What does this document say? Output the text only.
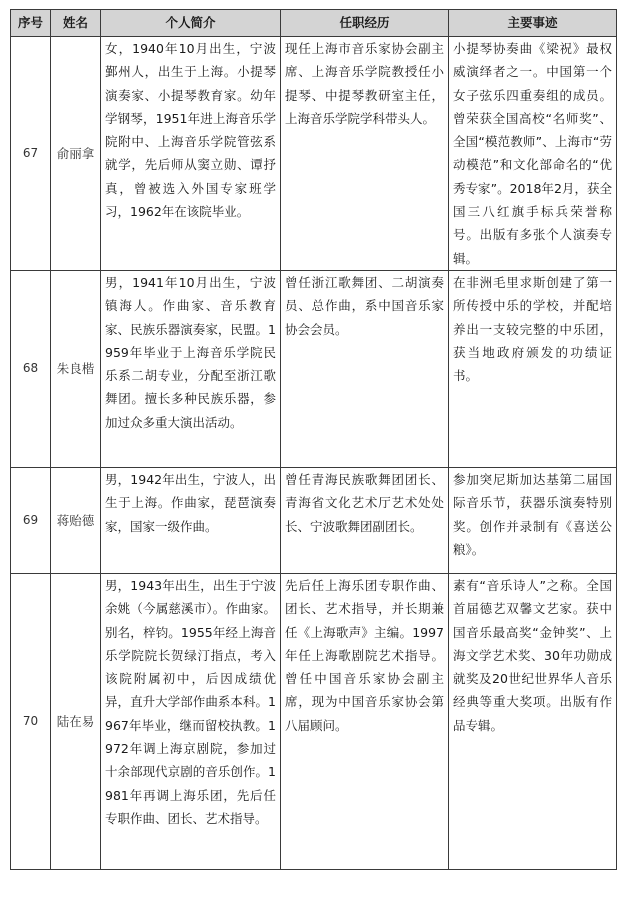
序号	姓名	个人简介	任职经历	主要事迹
67	俞丽拿	女，1940年10月出生，宁波鄞州人，出生于上海。小提琴演奏家、小提琴教育家。幼年学钢琴，1951年进上海音乐学院附中、上海音乐学院管弦系就学，先后师从窦立勋、谭抒真，曾被选入外国专家班学习，1962年在该院毕业。	现任上海市音乐家协会副主席、上海音乐学院教授任小提琴、中提琴教研室主任，上海音乐学院学科带头人。	小提琴协奏曲《梁祝》最权威演绎者之一。中国第一个女子弦乐四重奏组的成员。曾荣获全国高校“名师奖”、全国“模范教师”、上海市“劳动模范”和文化部命名的“优秀专家”。2018年2月，获全国三八红旗手标兵荣誉称号。出版有多张个人演奏专辑。
68	朱良楷	男，1941年10月出生，宁波镇海人。作曲家、音乐教育家、民族乐器演奏家，民盟。1959年毕业于上海音乐学院民乐系二胡专业，分配至浙江歌舞团。擅长多种民族乐器，参加过众多重大演出活动。	曾任浙江歌舞团、二胡演奏员、总作曲，系中国音乐家协会会员。	在非洲毛里求斯创建了第一所传授中乐的学校，并配培养出一支较完整的中乐团，获当地政府颁发的功绩证书。
69	蒋贻德	男，1942年出生，宁波人，出生于上海。作曲家，琵琶演奏家，国家一级作曲。	曾任青海民族歌舞团团长、青海省文化艺术厅艺术处处长、宁波歌舞团副团长。	参加突尼斯加达基第二届国际音乐节，获器乐演奏特别奖。创作并录制有《喜送公粮》。
70	陆在易	男，1943年出生，出生于宁波余姚（今属慈溪市）。作曲家。别名，梓钧。1955年经上海音乐学院院长贺绿汀指点，考入该院附属初中，后因成绩优异，直升大学部作曲系本科。1967年毕业，继而留校执教。1972年调上海京剧院，参加过十余部现代京剧的音乐创作。1981年再调上海乐团，先后任专职作曲、团长、艺术指导。	先后任上海乐团专职作曲、团长、艺术指导，并长期兼任《上海歌声》主编。1997年任上海歌剧院艺术指导。曾任中国音乐家协会副主席，现为中国音乐家协会第八届顾问。	素有“音乐诗人”之称。全国首届德艺双馨文艺家。获中国音乐最高奖“金钟奖”、上海文学艺术奖、30年功勋成就奖及20世纪世界华人音乐经典等重大奖项。出版有作品专辑。
